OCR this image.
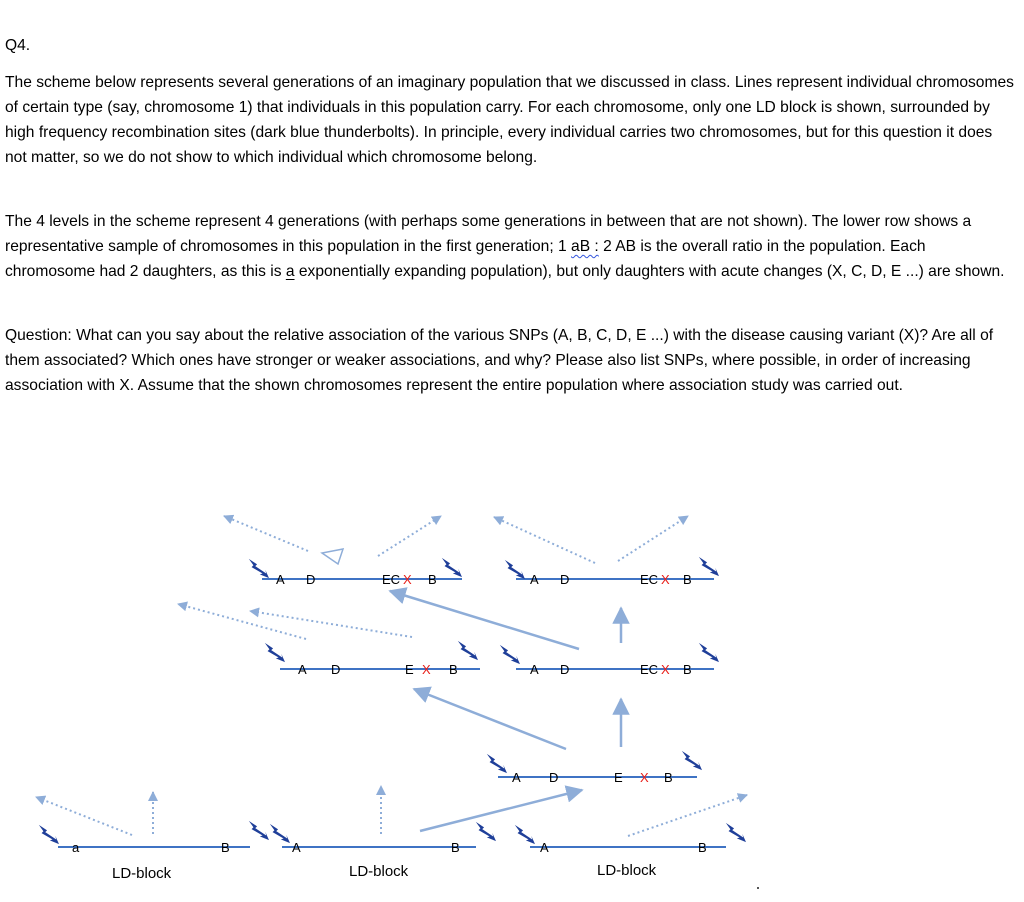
Q4.
The scheme below represents several generations of an imaginary population that we discussed in class. Lines represent individual chromosomes of certain type (say, chromosome 1) that individuals in this population carry. For each chromosome, only one LD block is shown, surrounded by high frequency recombination sites (dark blue thunderbolts). In principle, every individual carries two chromosomes, but for this question it does not matter, so we do not show to which individual which chromosome belong.
The 4 levels in the scheme represent 4 generations (with perhaps some generations in between that are not shown). The lower row shows a representative sample of chromosomes in this population in the first generation; 1 aB : 2 AB is the overall ratio in the population. Each chromosome had 2 daughters, as this is a exponentially expanding population), but only daughters with acute changes (X, C, D, E ...) are shown.
Question: What can you say about the relative association of the various SNPs (A, B, C, D, E ...) with the disease causing variant (X)? Are all of them associated? Which ones have stronger or weaker associations, and why? Please also list SNPs, where possible, in order of increasing association with X. Assume that the shown chromosomes represent the entire population where association study was carried out.
A D	EC X B	A D	EC X B
A D	E X B	A D	EC X B
A D	E X B
a	B
LD-block
A	B
LD-block
A	B
LD-block
